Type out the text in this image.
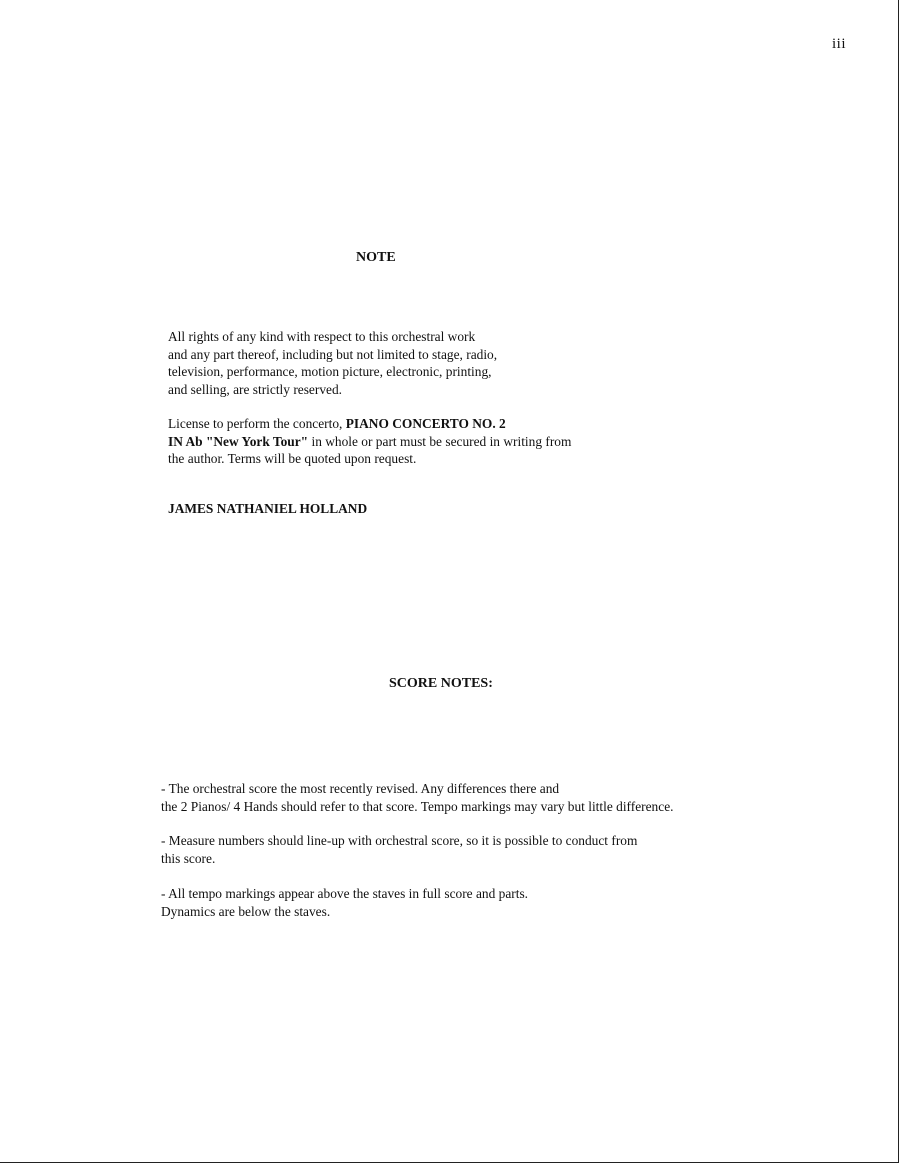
iii
NOTE

All rights of any kind with respect to this orchestral work
and any part thereof, including but not limited to stage, radio,
television, performance, motion picture, electronic, printing,
and selling, are strictly reserved.

License to perform the concerto, PIANO CONCERTO NO. 2
IN Ab "New York Tour" in whole or part must be secured in writing from
the author. Terms will be quoted upon request.

JAMES NATHANIEL HOLLAND
SCORE NOTES:

- The orchestral score the most recently revised. Any differences there and
the 2 Pianos/ 4 Hands should refer to that score. Tempo markings may vary but little difference.

- Measure numbers should line-up with orchestral score, so it is possible to conduct from
this score.

- All tempo markings appear above the staves in full score and parts.
Dynamics are below the staves.
